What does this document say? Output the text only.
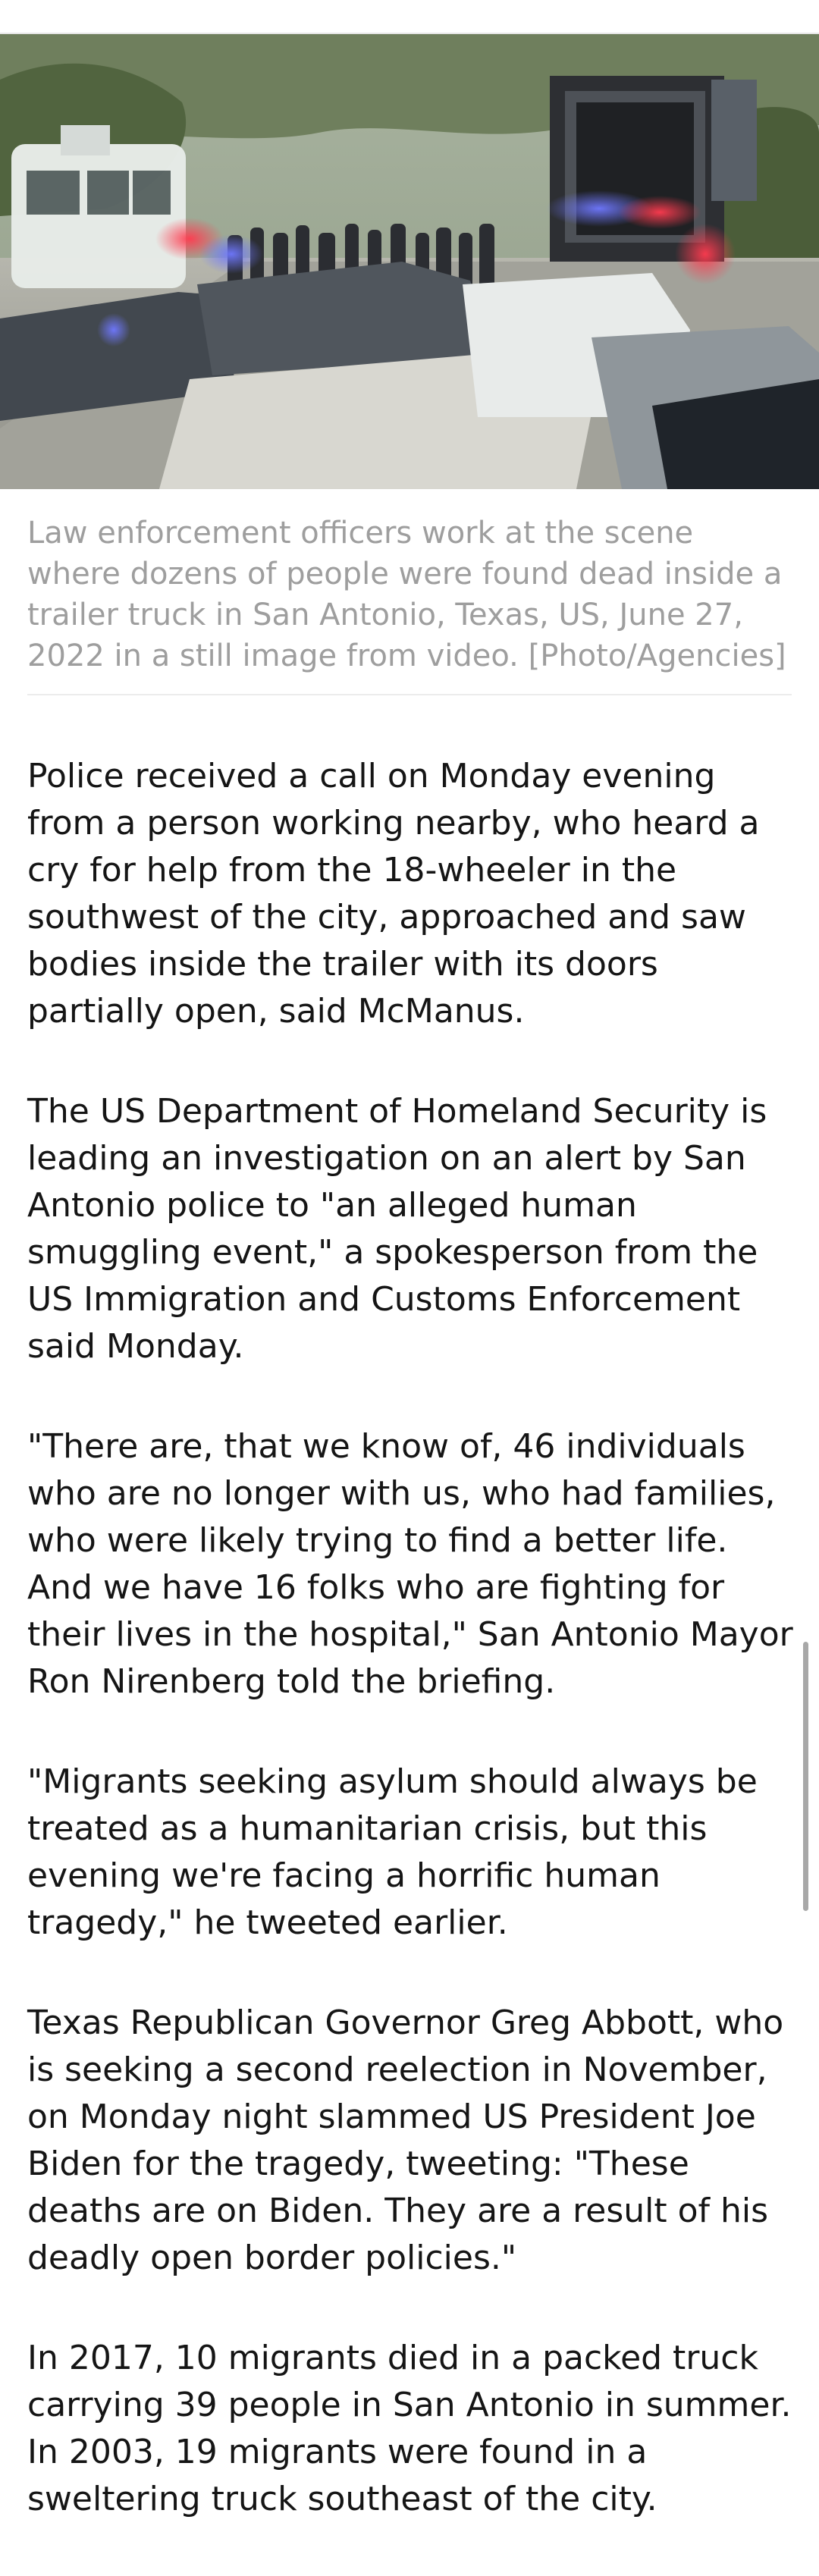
Law enforcement officers work at the scene where dozens of people were found dead inside a trailer truck in San Antonio, Texas, US, June 27, 2022 in a still image from video. [Photo/Agencies]

Police received a call on Monday evening from a person working nearby, who heard a cry for help from the 18-wheeler in the southwest of the city, approached and saw bodies inside the trailer with its doors partially open, said McManus.

The US Department of Homeland Security is leading an investigation on an alert by San Antonio police to "an alleged human smuggling event," a spokesperson from the US Immigration and Customs Enforcement said Monday.

"There are, that we know of, 46 individuals who are no longer with us, who had families, who were likely trying to find a better life. And we have 16 folks who are fighting for their lives in the hospital," San Antonio Mayor Ron Nirenberg told the briefing.

"Migrants seeking asylum should always be treated as a humanitarian crisis, but this evening we're facing a horrific human tragedy," he tweeted earlier.

Texas Republican Governor Greg Abbott, who is seeking a second reelection in November, on Monday night slammed US President Joe Biden for the tragedy, tweeting: "These deaths are on Biden. They are a result of his deadly open border policies."

In 2017, 10 migrants died in a packed truck carrying 39 people in San Antonio in summer. In 2003, 19 migrants were found in a sweltering truck southeast of the city.
